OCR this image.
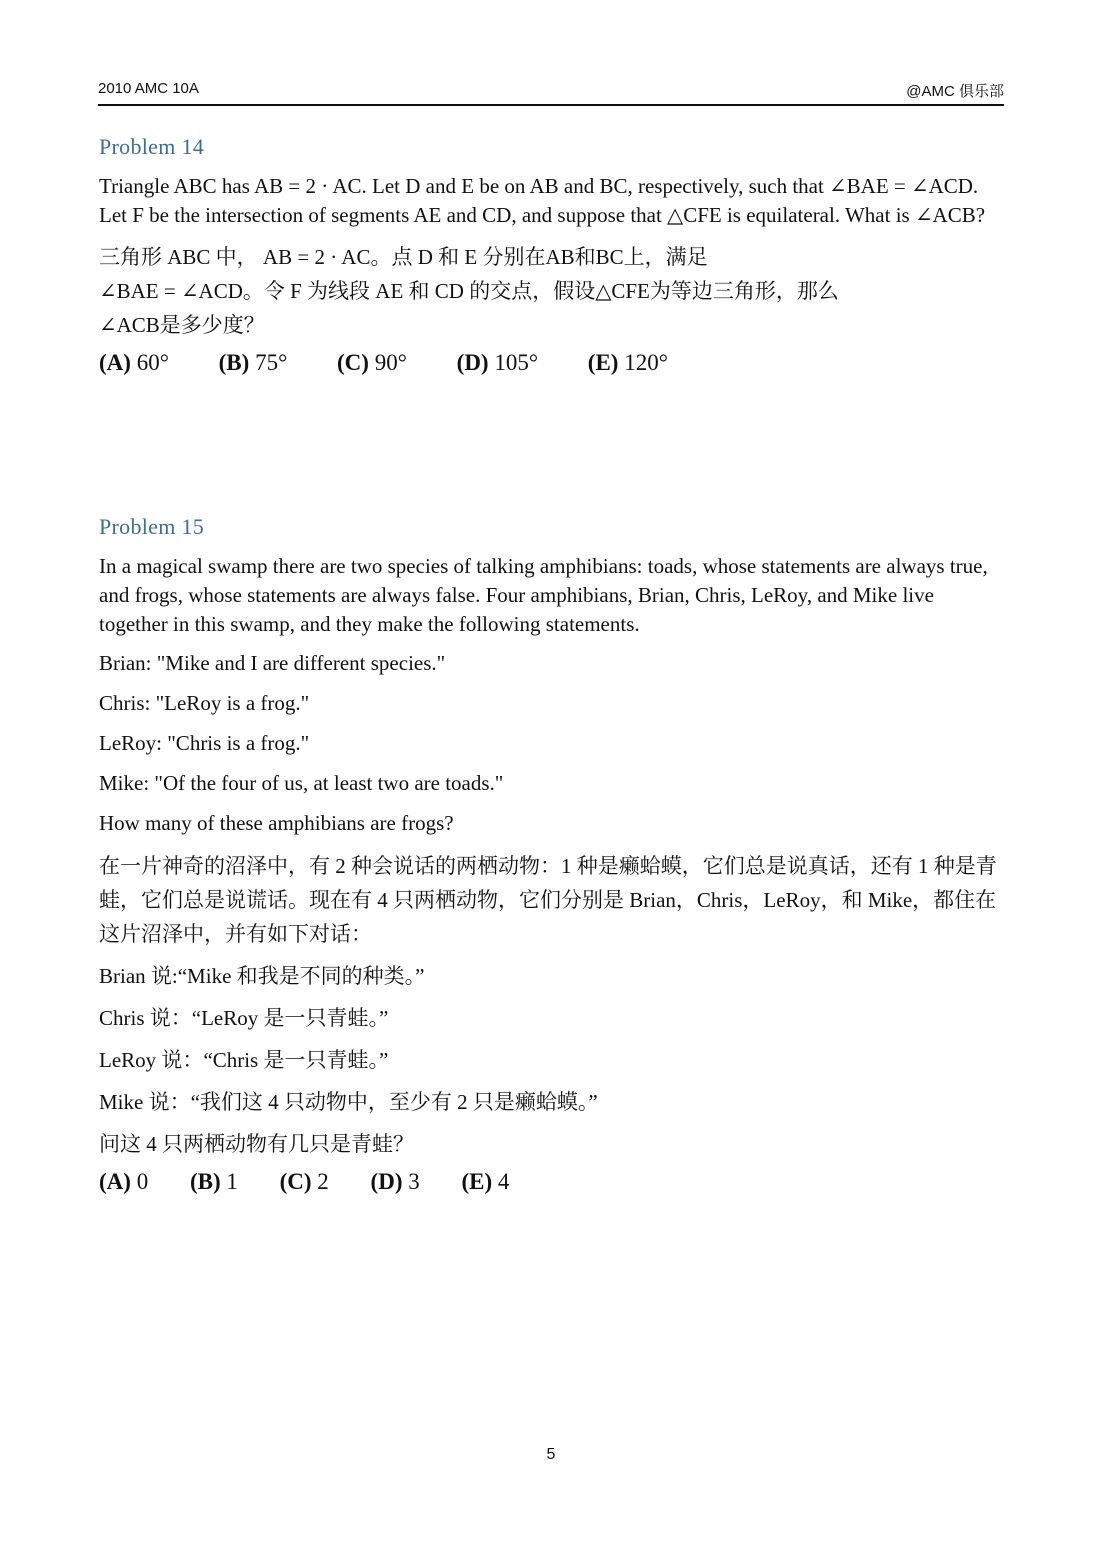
2010 AMC 10A	@AMC 俱乐部
Problem 14
Triangle ABC has AB = 2 · AC. Let D and E be on AB and BC, respectively, such that ∠BAE = ∠ACD. Let F be the intersection of segments AE and CD, and suppose that △CFE is equilateral. What is ∠ACB?
三角形 ABC 中， AB = 2 · AC。点 D 和 E 分别在AB和BC上，满足
∠BAE = ∠ACD。令 F 为线段 AE 和 CD 的交点，假设△CFE为等边三角形，那么
∠ACB是多少度？
(A) 60° (B) 75° (C) 90° (D) 105° (E) 120°
Problem 15
In a magical swamp there are two species of talking amphibians: toads, whose statements are always true, and frogs, whose statements are always false. Four amphibians, Brian, Chris, LeRoy, and Mike live together in this swamp, and they make the following statements.
Brian: "Mike and I are different species."
Chris: "LeRoy is a frog."
LeRoy: "Chris is a frog."
Mike: "Of the four of us, at least two are toads."
How many of these amphibians are frogs?
在一片神奇的沼泽中，有 2 种会说话的两栖动物：1 种是癞蛤蟆，它们总是说真话，还有 1 种是青蛙，它们总是说谎话。现在有 4 只两栖动物，它们分别是 Brian，Chris，LeRoy，和 Mike，都住在这片沼泽中，并有如下对话：
Brian 说:“Mike 和我是不同的种类。”
Chris 说：“LeRoy 是一只青蛙。”
LeRoy 说：“Chris 是一只青蛙。”
Mike 说：“我们这 4 只动物中，至少有 2 只是癞蛤蟆。”
问这 4 只两栖动物有几只是青蛙？
(A) 0 (B) 1 (C) 2 (D) 3 (E) 4
5
